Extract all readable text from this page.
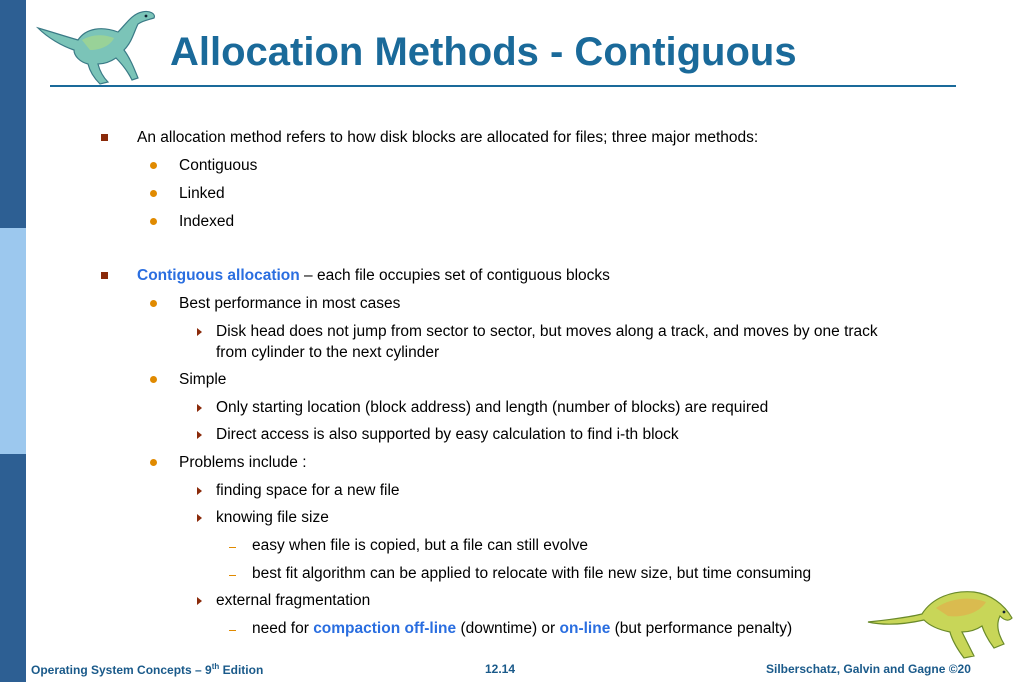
Allocation Methods - Contiguous
An allocation method refers to how disk blocks are allocated for files; three major methods:
Contiguous
Linked
Indexed
Contiguous allocation – each file occupies set of contiguous blocks
Best performance in most cases
Disk head does not jump from sector to sector, but moves along a track, and moves by one track
from cylinder to the next cylinder
Simple
Only starting location (block address) and length (number of blocks) are required
Direct access is also supported by easy calculation to find i-th block
Problems include :
finding space for a new file
knowing file size
easy when file is copied, but a file can still evolve
best fit algorithm can be applied to relocate with file new size, but time consuming
external fragmentation
need for compaction off-line (downtime) or on-line (but performance penalty)
Operating System Concepts – 9th Edition	12.14	Silberschatz, Galvin and Gagne ©20
